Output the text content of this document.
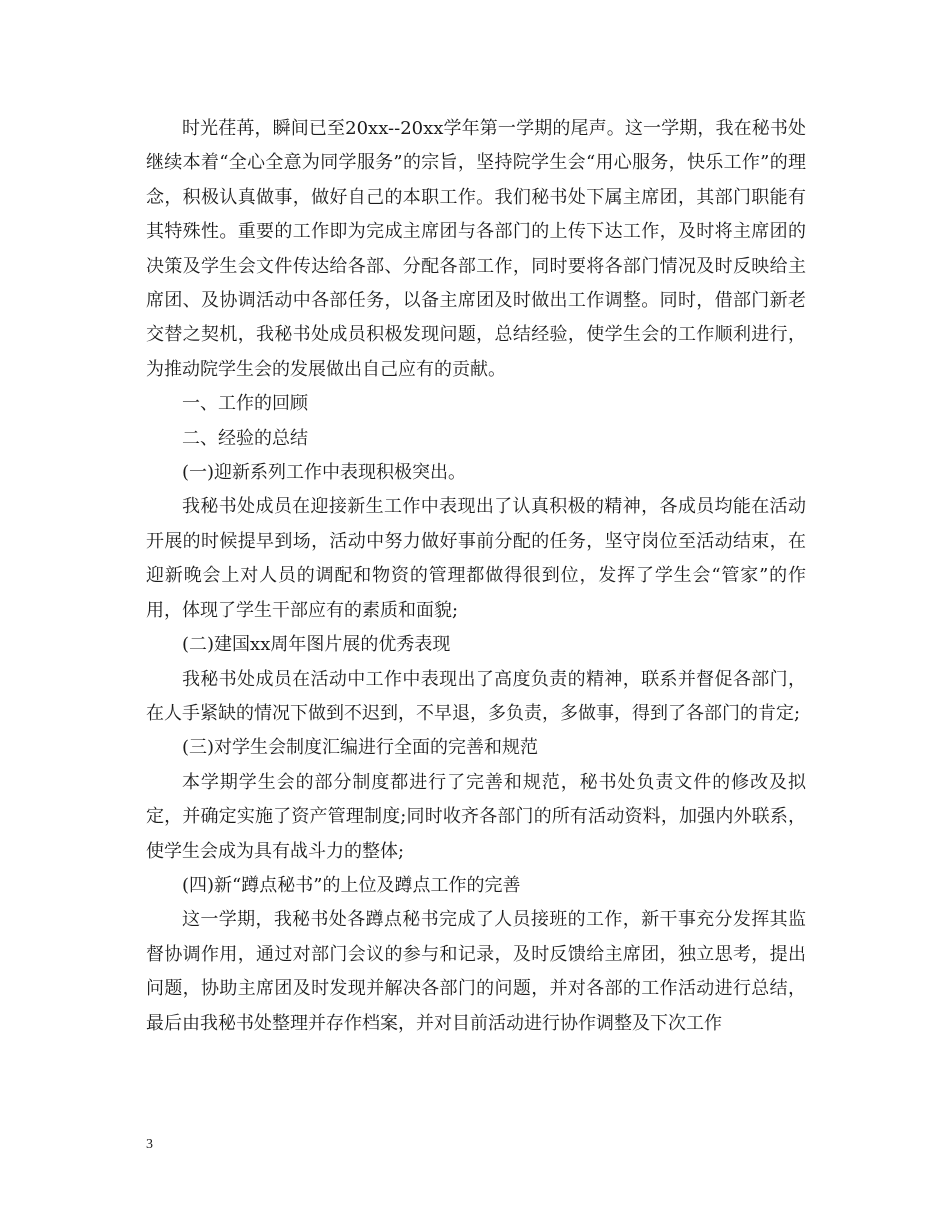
时光荏苒，瞬间已至20xx--20xx学年第一学期的尾声。这一学期，我在秘书处继续本着“全心全意为同学服务”的宗旨，坚持院学生会“用心服务，快乐工作”的理念，积极认真做事，做好自己的本职工作。我们秘书处下属主席团，其部门职能有其特殊性。重要的工作即为完成主席团与各部门的上传下达工作，及时将主席团的决策及学生会文件传达给各部、分配各部工作，同时要将各部门情况及时反映给主席团、及协调活动中各部任务，以备主席团及时做出工作调整。同时，借部门新老交替之契机，我秘书处成员积极发现问题，总结经验，使学生会的工作顺利进行，为推动院学生会的发展做出自己应有的贡献。

一、工作的回顾

二、经验的总结

(一)迎新系列工作中表现积极突出。

我秘书处成员在迎接新生工作中表现出了认真积极的精神，各成员均能在活动开展的时候提早到场，活动中努力做好事前分配的任务，坚守岗位至活动结束，在迎新晚会上对人员的调配和物资的管理都做得很到位，发挥了学生会“管家”的作用，体现了学生干部应有的素质和面貌;

(二)建国xx周年图片展的优秀表现

我秘书处成员在活动中工作中表现出了高度负责的精神，联系并督促各部门，在人手紧缺的情况下做到不迟到，不早退，多负责，多做事，得到了各部门的肯定;

(三)对学生会制度汇编进行全面的完善和规范

本学期学生会的部分制度都进行了完善和规范，秘书处负责文件的修改及拟定，并确定实施了资产管理制度;同时收齐各部门的所有活动资料，加强内外联系，使学生会成为具有战斗力的整体;

(四)新“蹲点秘书”的上位及蹲点工作的完善

这一学期，我秘书处各蹲点秘书完成了人员接班的工作，新干事充分发挥其监督协调作用，通过对部门会议的参与和记录，及时反馈给主席团，独立思考，提出问题，协助主席团及时发现并解决各部门的问题，并对各部的工作活动进行总结，最后由我秘书处整理并存作档案，并对目前活动进行协作调整及下次工作

3
